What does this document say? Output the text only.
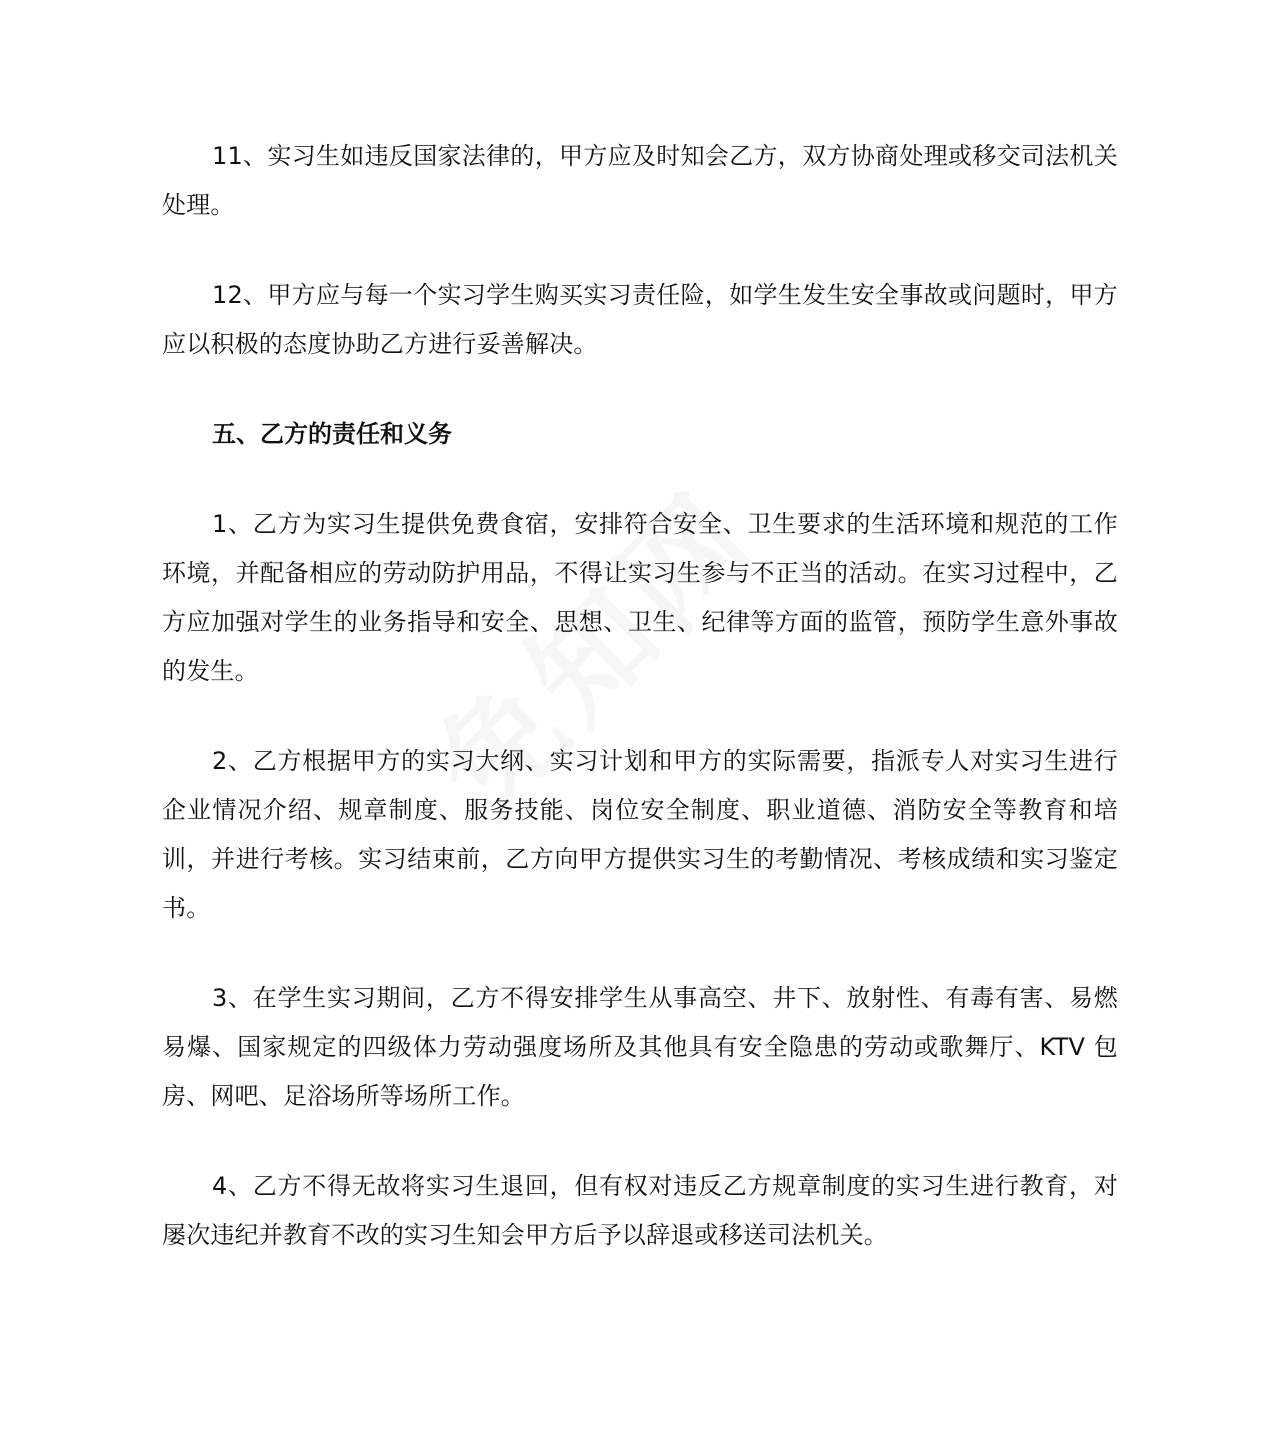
11、实习生如违反国家法律的，甲方应及时知会乙方，双方协商处理或移交司法机关处理。

12、甲方应与每一个实习学生购买实习责任险，如学生发生安全事故或问题时，甲方应以积极的态度协助乙方进行妥善解决。

五、乙方的责任和义务

1、乙方为实习生提供免费食宿，安排符合安全、卫生要求的生活环境和规范的工作环境，并配备相应的劳动防护用品，不得让实习生参与不正当的活动。在实习过程中，乙方应加强对学生的业务指导和安全、思想、卫生、纪律等方面的监管，预防学生意外事故的发生。

2、乙方根据甲方的实习大纲、实习计划和甲方的实际需要，指派专人对实习生进行企业情况介绍、规章制度、服务技能、岗位安全制度、职业道德、消防安全等教育和培训，并进行考核。实习结束前，乙方向甲方提供实习生的考勤情况、考核成绩和实习鉴定书。

3、在学生实习期间，乙方不得安排学生从事高空、井下、放射性、有毒有害、易燃易爆、国家规定的四级体力劳动强度场所及其他具有安全隐患的劳动或歌舞厅、KTV 包房、网吧、足浴场所等场所工作。

4、乙方不得无故将实习生退回，但有权对违反乙方规章制度的实习生进行教育，对屡次违纪并教育不改的实习生知会甲方后予以辞退或移送司法机关。
